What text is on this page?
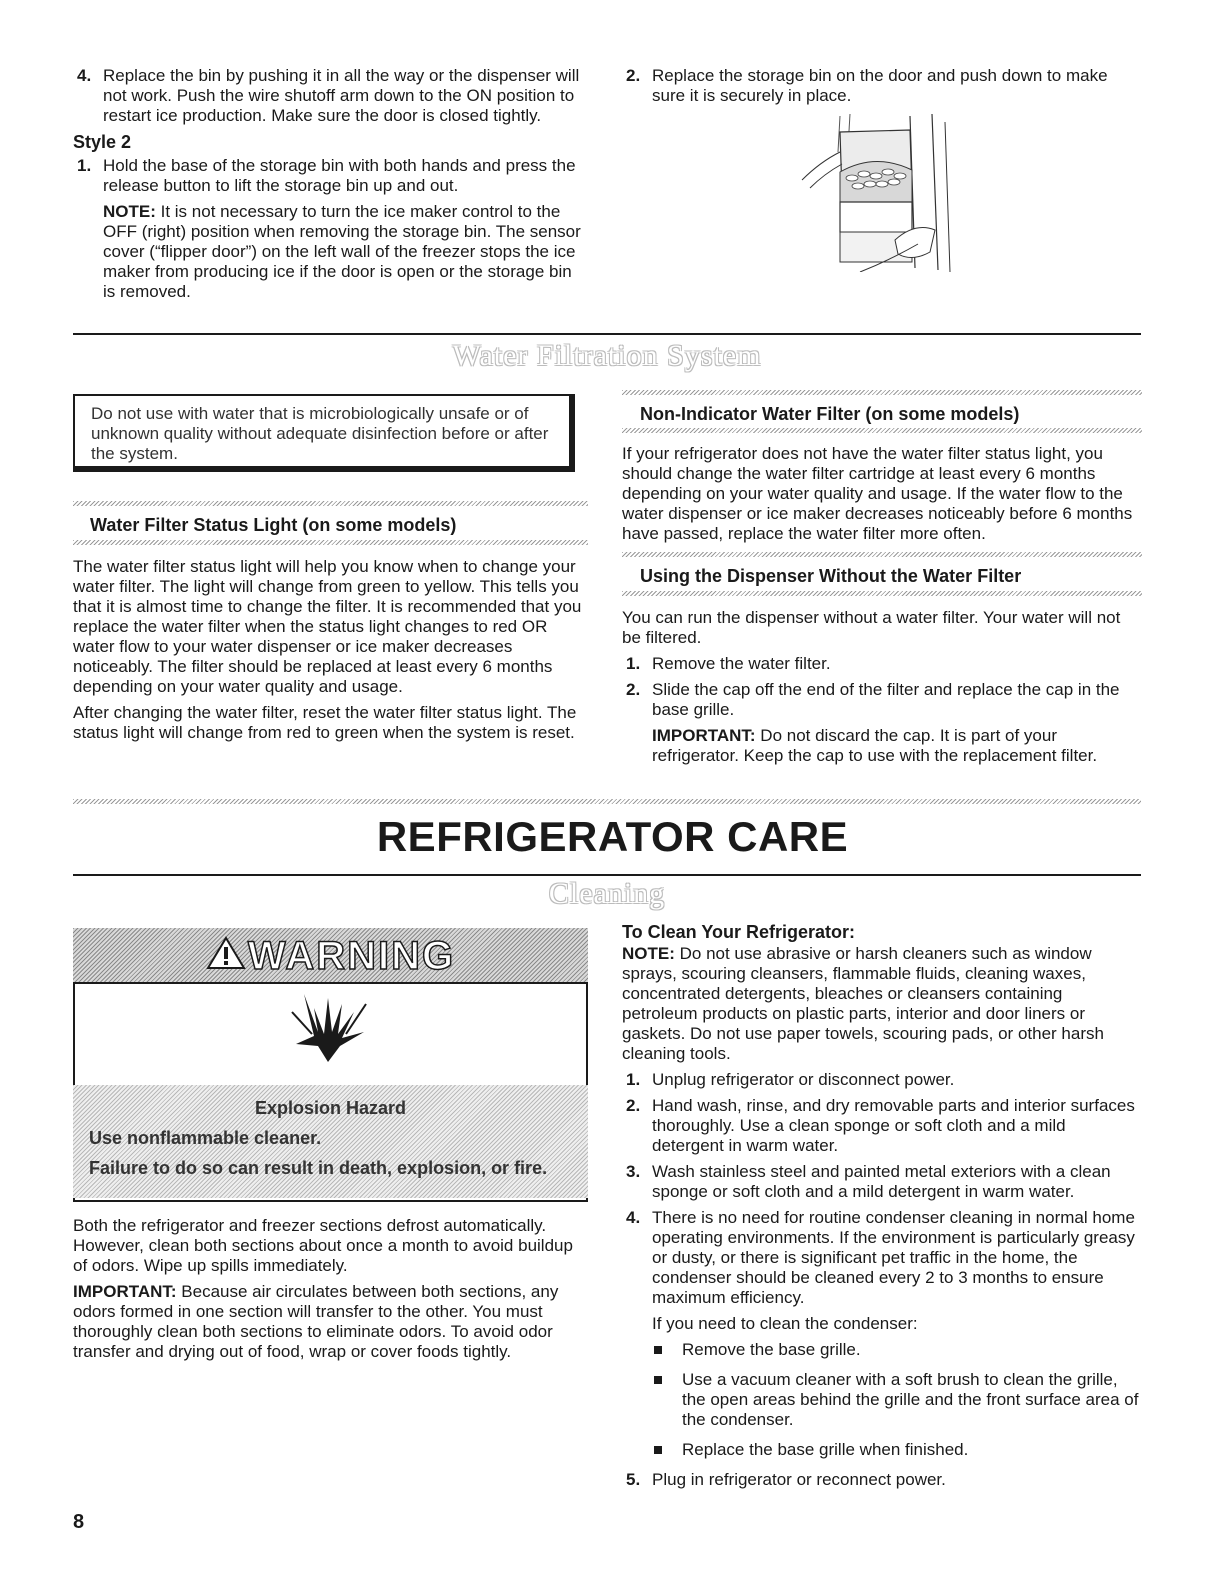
4. Replace the bin by pushing it in all the way or the dispenser will not work. Push the wire shutoff arm down to the ON position to restart ice production. Make sure the door is closed tightly.

Style 2

1. Hold the base of the storage bin with both hands and press the release button to lift the storage bin up and out.

NOTE: It is not necessary to turn the ice maker control to the OFF (right) position when removing the storage bin. The sensor cover (“flipper door”) on the left wall of the freezer stops the ice maker from producing ice if the door is open or the storage bin is removed.

2. Replace the storage bin on the door and push down to make sure it is securely in place.

Water Filtration System

Do not use with water that is microbiologically unsafe or of unknown quality without adequate disinfection before or after the system.

Water Filter Status Light (on some models)

The water filter status light will help you know when to change your water filter. The light will change from green to yellow. This tells you that it is almost time to change the filter. It is recommended that you replace the water filter when the status light changes to red OR water flow to your water dispenser or ice maker decreases noticeably. The filter should be replaced at least every 6 months depending on your water quality and usage.

After changing the water filter, reset the water filter status light. The status light will change from red to green when the system is reset.

Non-Indicator Water Filter (on some models)

If your refrigerator does not have the water filter status light, you should change the water filter cartridge at least every 6 months depending on your water quality and usage. If the water flow to the water dispenser or ice maker decreases noticeably before 6 months have passed, replace the water filter more often.

Using the Dispenser Without the Water Filter

You can run the dispenser without a water filter. Your water will not be filtered.

1. Remove the water filter.

2. Slide the cap off the end of the filter and replace the cap in the base grille.

IMPORTANT: Do not discard the cap. It is part of your refrigerator. Keep the cap to use with the replacement filter.

REFRIGERATOR CARE
Cleaning
WARNING

Explosion Hazard

Use nonflammable cleaner.

Failure to do so can result in death, explosion, or fire.

Both the refrigerator and freezer sections defrost automatically. However, clean both sections about once a month to avoid buildup of odors. Wipe up spills immediately.

IMPORTANT: Because air circulates between both sections, any odors formed in one section will transfer to the other. You must thoroughly clean both sections to eliminate odors. To avoid odor transfer and drying out of food, wrap or cover foods tightly.

To Clean Your Refrigerator:

NOTE: Do not use abrasive or harsh cleaners such as window sprays, scouring cleansers, flammable fluids, cleaning waxes, concentrated detergents, bleaches or cleansers containing petroleum products on plastic parts, interior and door liners or gaskets. Do not use paper towels, scouring pads, or other harsh cleaning tools.

1. Unplug refrigerator or disconnect power.

2. Hand wash, rinse, and dry removable parts and interior surfaces thoroughly. Use a clean sponge or soft cloth and a mild detergent in warm water.

3. Wash stainless steel and painted metal exteriors with a clean sponge or soft cloth and a mild detergent in warm water.

4. There is no need for routine condenser cleaning in normal home operating environments. If the environment is particularly greasy or dusty, or there is significant pet traffic in the home, the condenser should be cleaned every 2 to 3 months to ensure maximum efficiency.

If you need to clean the condenser:

Remove the base grille.

Use a vacuum cleaner with a soft brush to clean the grille, the open areas behind the grille and the front surface area of the condenser.

Replace the base grille when finished.

5. Plug in refrigerator or reconnect power.

8
